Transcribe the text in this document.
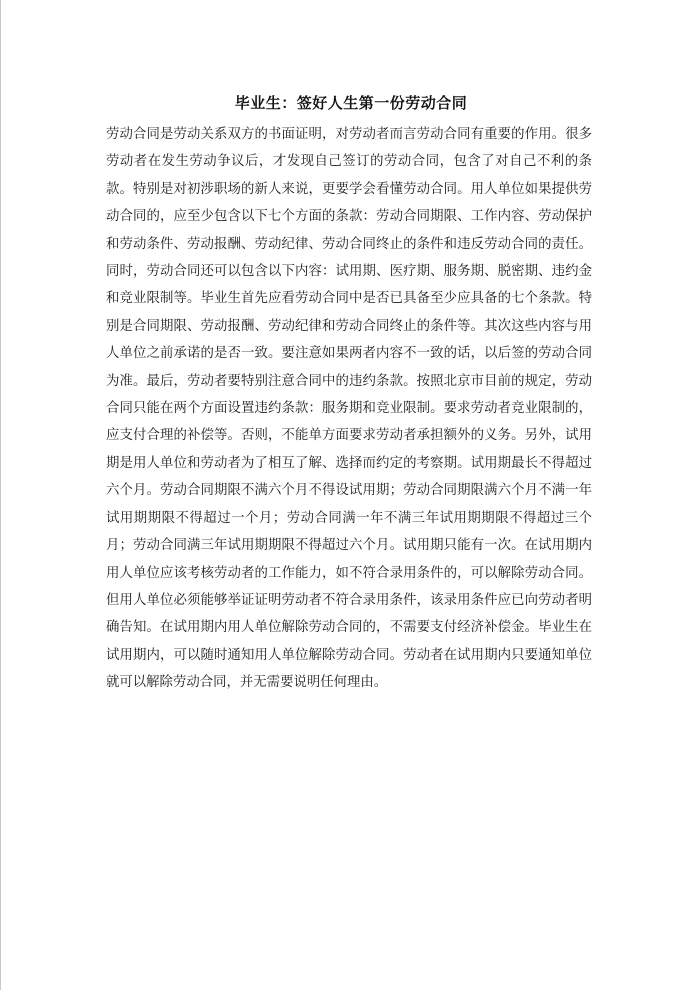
毕业生：签好人生第一份劳动合同

劳动合同是劳动关系双方的书面证明，对劳动者而言劳动合同有重要的作用。很多劳动者在发生劳动争议后，才发现自己签订的劳动合同，包含了对自己不利的条款。特别是对初涉职场的新人来说，更要学会看懂劳动合同。用人单位如果提供劳动合同的，应至少包含以下七个方面的条款：劳动合同期限、工作内容、劳动保护和劳动条件、劳动报酬、劳动纪律、劳动合同终止的条件和违反劳动合同的责任。同时，劳动合同还可以包含以下内容：试用期、医疗期、服务期、脱密期、违约金和竞业限制等。毕业生首先应看劳动合同中是否已具备至少应具备的七个条款。特别是合同期限、劳动报酬、劳动纪律和劳动合同终止的条件等。其次这些内容与用人单位之前承诺的是否一致。要注意如果两者内容不一致的话，以后签的劳动合同为准。最后，劳动者要特别注意合同中的违约条款。按照北京市目前的规定，劳动合同只能在两个方面设置违约条款：服务期和竞业限制。要求劳动者竞业限制的，应支付合理的补偿等。否则，不能单方面要求劳动者承担额外的义务。另外，试用期是用人单位和劳动者为了相互了解、选择而约定的考察期。试用期最长不得超过六个月。劳动合同期限不满六个月不得设试用期；劳动合同期限满六个月不满一年试用期期限不得超过一个月；劳动合同满一年不满三年试用期期限不得超过三个月；劳动合同满三年试用期期限不得超过六个月。试用期只能有一次。在试用期内用人单位应该考核劳动者的工作能力，如不符合录用条件的，可以解除劳动合同。但用人单位必须能够举证证明劳动者不符合录用条件，该录用条件应已向劳动者明确告知。在试用期内用人单位解除劳动合同的，不需要支付经济补偿金。毕业生在试用期内，可以随时通知用人单位解除劳动合同。劳动者在试用期内只要通知单位就可以解除劳动合同，并无需要说明任何理由。
